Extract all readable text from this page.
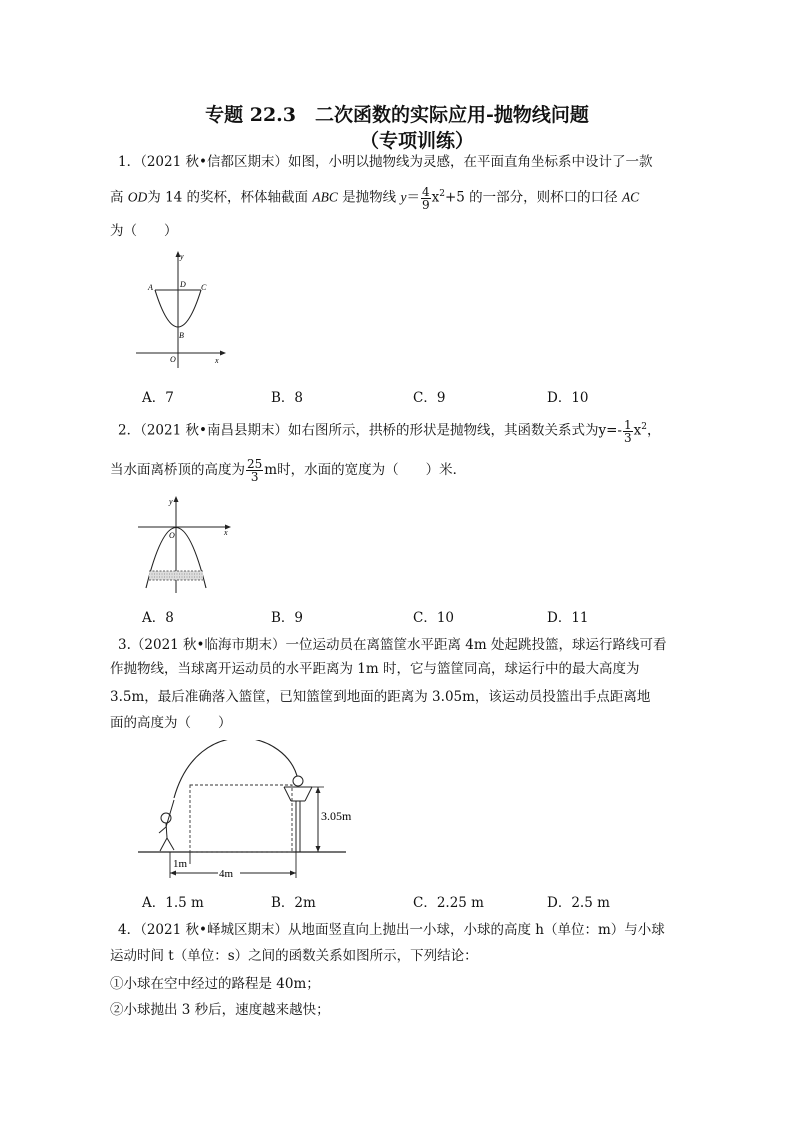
专题 22.3　二次函数的实际应用-抛物线问题
（专项训练）
1．（2021 秋•信都区期末）如图，小明以抛物线为灵感，在平面直角坐标系中设计了一款
高 OD为 14 的奖杯，杯体轴截面 ABC 是抛物线 $y= \frac{4}{9} x^2+5$ 的一部分，则杯口的口径 AC
为（　　）
y
x
A	D C
B
O
A．7	B．8	C．9	D．10
2．（2021 秋•南昌县期末）如右图所示，拱桥的形状是抛物线，其函数关系式为$y=- \frac{1}{3} x^2$，
当水面离桥顶的高度为 $\frac{25}{3}$ m时，水面的宽度为（　　）米．
y
x
O
A．8	B．9	C．10	D．11
3.（2021 秋•临海市期末）一位运动员在离篮筐水平距离 4m 处起跳投篮，球运行路线可看
作抛物线，当球离开运动员的水平距离为 1m 时，它与篮筐同高，球运行中的最大高度为
3.5m，最后准确落入篮筐，已知篮筐到地面的距离为 3.05m，该运动员投篮出手点距离地
面的高度为（　　）
3.05m
1m
4m
A．1.5 m	B．2m	C．2.25 m	D．2.5 m
4．（2021 秋•峄城区期末）从地面竖直向上抛出一小球，小球的高度 h（单位：m）与小球
运动时间 t（单位：s）之间的函数关系如图所示，下列结论：
①小球在空中经过的路程是 40m；
②小球抛出 3 秒后，速度越来越快；
